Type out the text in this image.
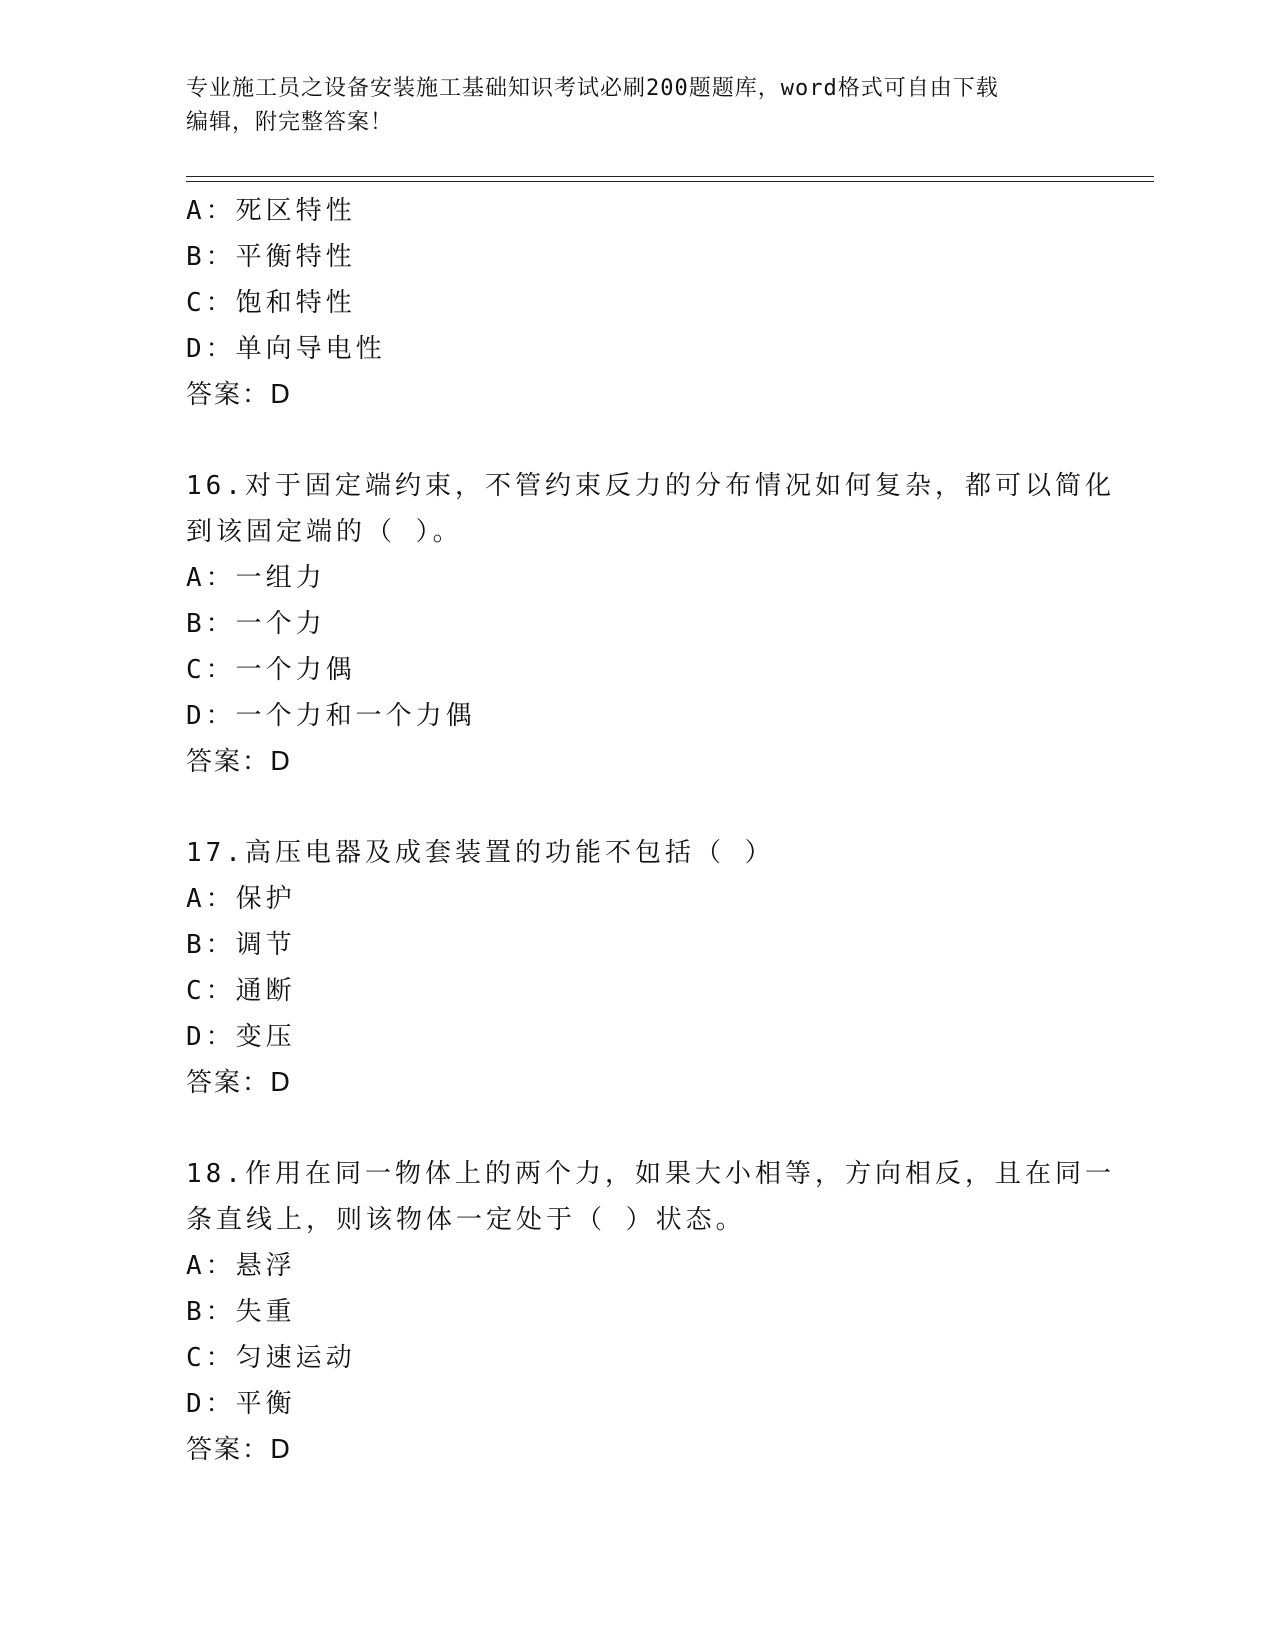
专业施工员之设备安装施工基础知识考试必刷200题题库，word格式可自由下载
编辑，附完整答案！
A：死区特性
B：平衡特性
C：饱和特性
D：单向导电性
答案：D
16.对于固定端约束，不管约束反力的分布情况如何复杂，都可以简化
到该固定端的（ ）。
A：一组力
B：一个力
C：一个力偶
D：一个力和一个力偶
答案：D
17.高压电器及成套装置的功能不包括（ ）
A：保护
B：调节
C：通断
D：变压
答案：D
18.作用在同一物体上的两个力，如果大小相等，方向相反，且在同一
条直线上，则该物体一定处于（ ）状态。
A：悬浮
B：失重
C：匀速运动
D：平衡
答案：D
